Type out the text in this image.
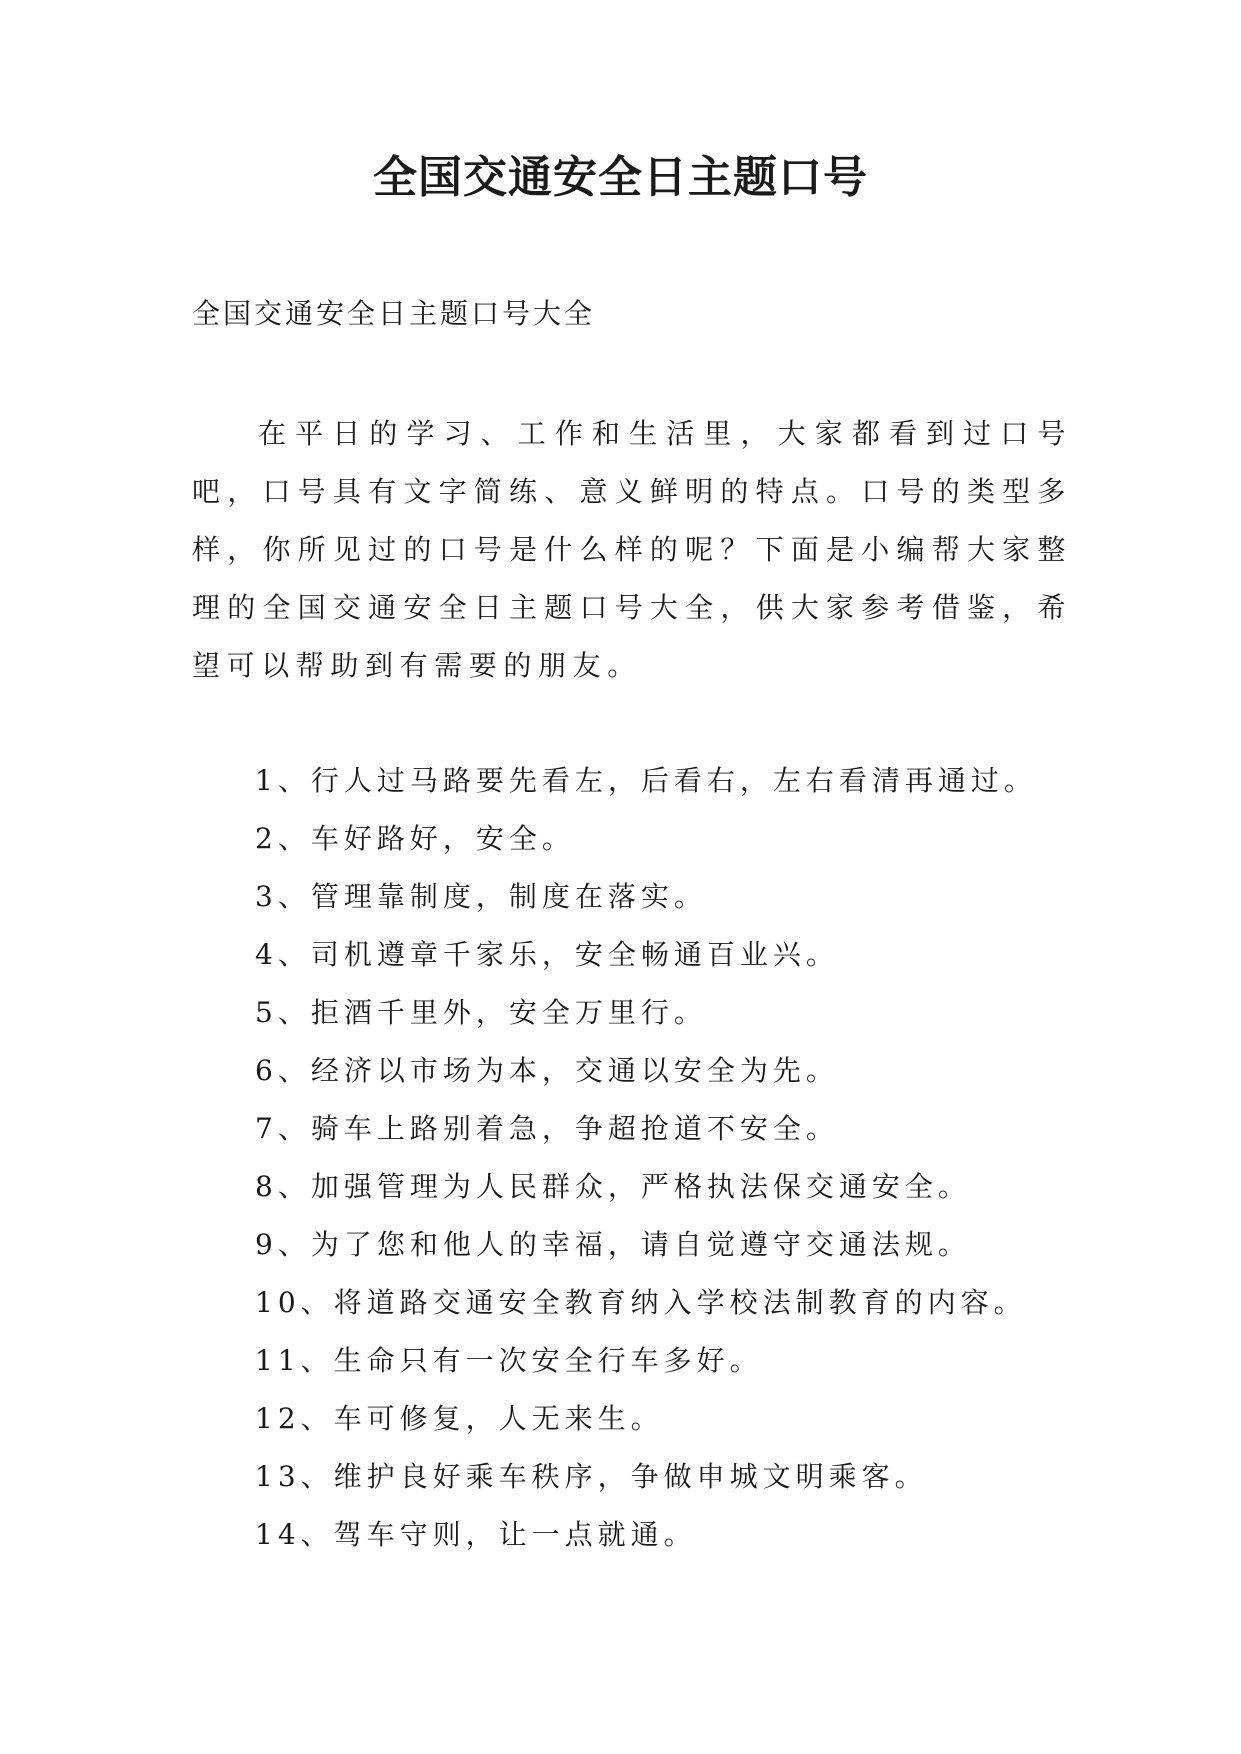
全国交通安全日主题口号

全国交通安全日主题口号大全

在平日的学习、工作和生活里，大家都看到过口号吧，口号具有文字简练、意义鲜明的特点。口号的类型多样，你所见过的口号是什么样的呢？下面是小编帮大家整理的全国交通安全日主题口号大全，供大家参考借鉴，希望可以帮助到有需要的朋友。

1、行人过马路要先看左，后看右，左右看清再通过。
2、车好路好，安全。
3、管理靠制度，制度在落实。
4、司机遵章千家乐，安全畅通百业兴。
5、拒酒千里外，安全万里行。
6、经济以市场为本，交通以安全为先。
7、骑车上路别着急，争超抢道不安全。
8、加强管理为人民群众，严格执法保交通安全。
9、为了您和他人的幸福，请自觉遵守交通法规。
10、将道路交通安全教育纳入学校法制教育的内容。
11、生命只有一次安全行车多好。
12、车可修复，人无来生。
13、维护良好乘车秩序，争做申城文明乘客。
14、驾车守则，让一点就通。
